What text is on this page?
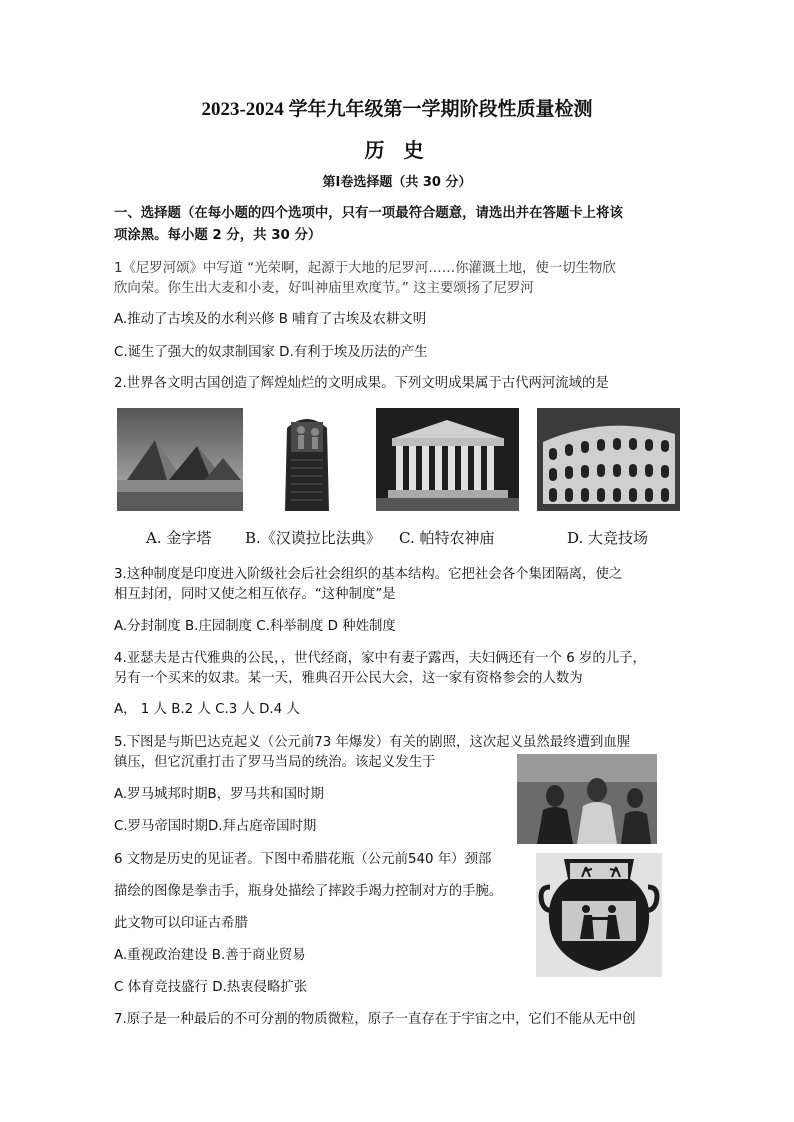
2023-2024 学年九年级第一学期阶段性质量检测
历 史
第Ⅰ卷选择题（共 30 分）
一、选择题（在每小题的四个选项中，只有一项最符合题意，请选出并在答题卡上将该
项涂黑。每小题 2 分，共 30 分）
1《尼罗河颂》中写道 “光荣啊，起源于大地的尼罗河……你灌溉土地，使一切生物欣
欣向荣。你生出大麦和小麦，好叫神庙里欢度节。” 这主要颂扬了尼罗河
A.推动了古埃及的水利兴修 B 哺育了古埃及农耕文明
C.诞生了强大的奴隶制国家 D.有利于埃及历法的产生
2.世界各文明古国创造了辉煌灿烂的文明成果。下列文明成果属于古代两河流域的是
A. 金字塔 B.《汉谟拉比法典》 C. 帕特农神庙	D. 大竞技场
3.这种制度是印度进入阶级社会后社会组织的基本结构。它把社会各个集团隔离，使之
相互封闭，同时又使之相互依存。“这种制度”是
A.分封制度 B.庄园制度 C.科举制度 D 种姓制度
4.亚瑟夫是古代雅典的公民，，世代经商，家中有妻子露西，夫妇俩还有一个 6 岁的儿子，
另有一个买来的奴隶。某一天，雅典召开公民大会，这一家有资格参会的人数为
A， 1 人 B.2 人 C.3 人 D.4 人
5.下图是与斯巴达克起义（公元前73 年爆发）有关的剧照，这次起义虽然最终遭到血腥
镇压，但它沉重打击了罗马当局的统治。该起义发生于
A.罗马城邦时期B，罗马共和国时期
C.罗马帝国时期D.拜占庭帝国时期
6 文物是历史的见证者。下图中希腊花瓶（公元前540 年）颈部
描绘的图像是拳击手，瓶身处描绘了摔跤手竭力控制对方的手腕。
此文物可以印证古希腊
A.重视政治建设 B.善于商业贸易
C 体育竞技盛行 D.热衷侵略扩张
7.原子是一种最后的不可分割的物质微粒，原子一直存在于宇宙之中，它们不能从无中创
